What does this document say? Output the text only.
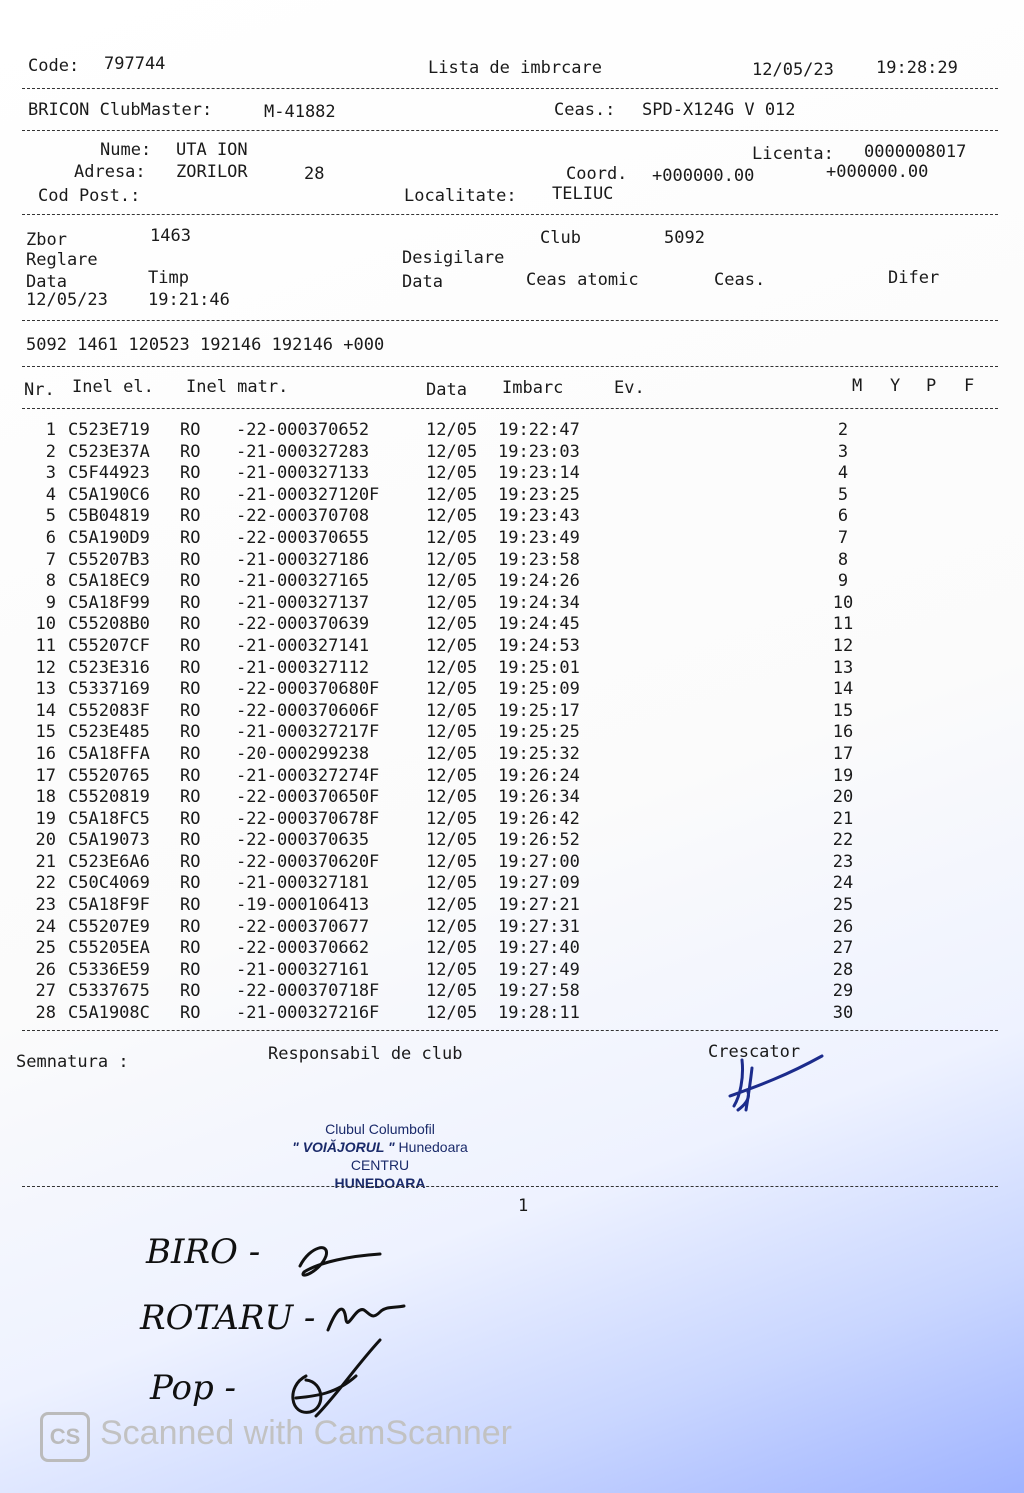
Code: 797744	Lista de imbrcare	12/05/23 19:28:29
BRICON ClubMaster:	M-41882	Ceas.: SPD-X124G V 012
Nume: UTA ION	Licenta: 0000008017
Adresa: ZORILOR	28	Coord. +000000.00	+000000.00
Cod Post.:	Localitate: TELIUC
Zbor	1463	Club	5092
Reglare	Desigilare
Data	Timp	Data	Ceas atomic	Ceas.	Difer
12/05/23 19:21:46
5092 1461 120523 192146 192146 +000
Nr. Inel el. Inel matr.	Data Imbarc	Ev.	M Y P F
1 C523E719 RO -22-000370652	12/05 19:22:47	2
2 C523E37A RO -21-000327283	12/05 19:23:03	3
3 C5F44923 RO -21-000327133	12/05 19:23:14	4
4 C5A190C6 RO -21-000327120F	12/05 19:23:25	5
5 C5B04819 RO -22-000370708	12/05 19:23:43	6
6 C5A190D9 RO -22-000370655	12/05 19:23:49	7
7 C55207B3 RO -21-000327186	12/05 19:23:58	8
8 C5A18EC9 RO -21-000327165	12/05 19:24:26	9
9 C5A18F99 RO -21-000327137	12/05 19:24:34	10
10 C55208B0 RO -22-000370639	12/05 19:24:45	11
11 C55207CF RO -21-000327141	12/05 19:24:53	12
12 C523E316 RO -21-000327112	12/05 19:25:01	13
13 C5337169 RO -22-000370680F	12/05 19:25:09	14
14 C552083F RO -22-000370606F	12/05 19:25:17	15
15 C523E485 RO -21-000327217F	12/05 19:25:25	16
16 C5A18FFA RO -20-000299238	12/05 19:25:32	17
17 C5520765 RO -21-000327274F	12/05 19:26:24	19
18 C5520819 RO -22-000370650F	12/05 19:26:34	20
19 C5A18FC5 RO -22-000370678F	12/05 19:26:42	21
20 C5A19073 RO -22-000370635	12/05 19:26:52	22
21 C523E6A6 RO -22-000370620F	12/05 19:27:00	23
22 C50C4069 RO -21-000327181	12/05 19:27:09	24
23 C5A18F9F RO -19-000106413	12/05 19:27:21	25
24 C55207E9 RO -22-000370677	12/05 19:27:31	26
25 C55205EA RO -22-000370662	12/05 19:27:40	27
26 C5336E59 RO -21-000327161	12/05 19:27:49	28
27 C5337675 RO -22-000370718F	12/05 19:27:58	29
28 C5A1908C RO -21-000327216F	12/05 19:28:11	30
Semnatura :	Responsabil de club	Crescator
Clubul Columbofil
" VOIĂJORUL " Hunedoara
CENTRU
HUNEDOARA
1
BIRO -
ROTARU -
Pop -
CS Scanned with CamScanner
